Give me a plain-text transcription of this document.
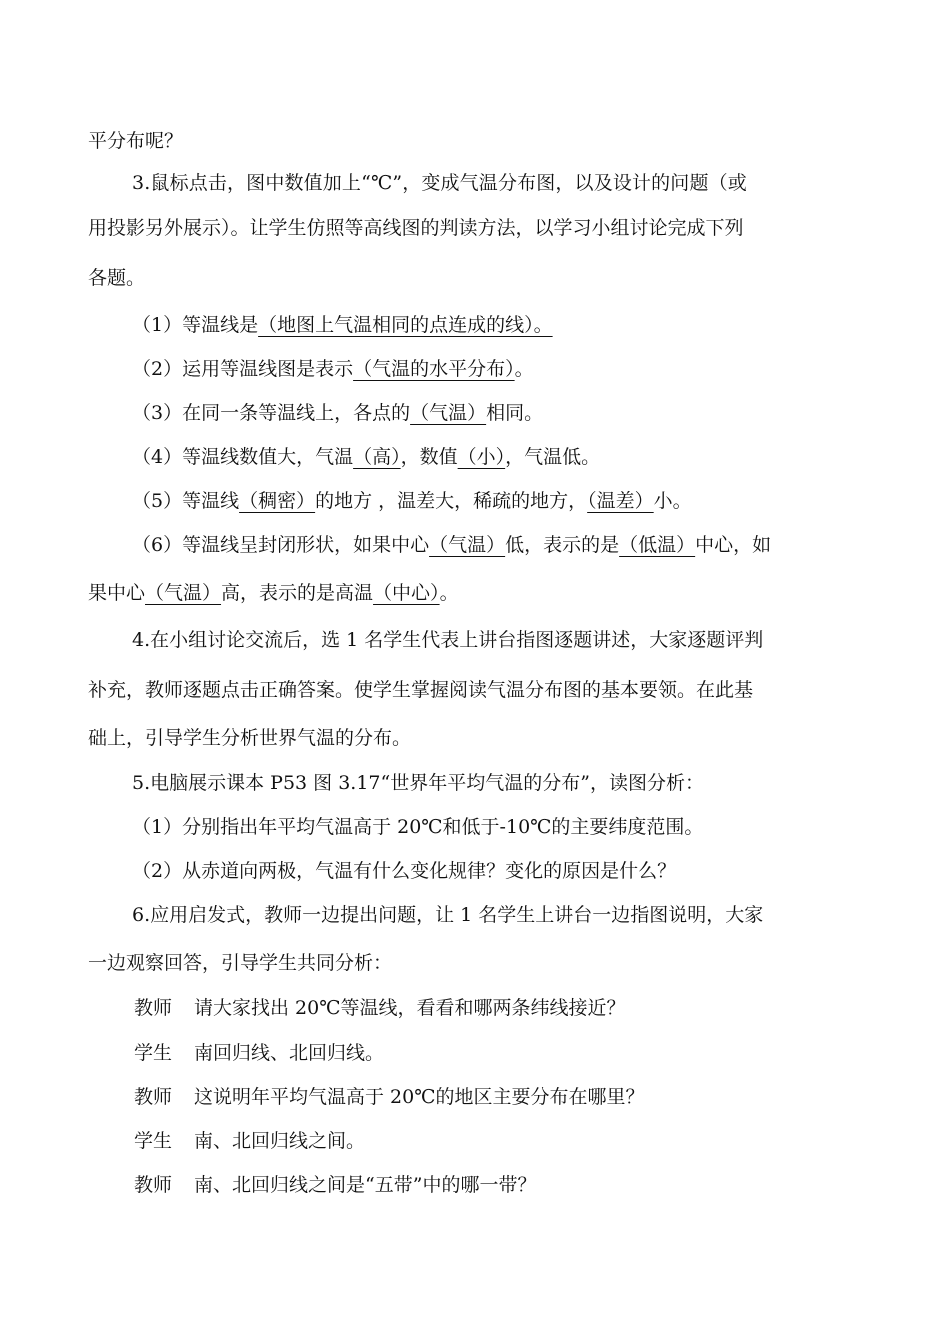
平分布呢？
3.鼠标点击，图中数值加上“℃”，变成气温分布图，以及设计的问题（或
用投影另外展示）。让学生仿照等高线图的判读方法，以学习小组讨论完成下列
各题。
（1）等温线是（地图上气温相同的点连成的线）。
（2）运用等温线图是表示（气温的水平分布）。
（3）在同一条等温线上，各点的（气温）相同。
（4）等温线数值大，气温（高），数值（小），气温低。
（5）等温线（稠密）的地方 ，温差大，稀疏的地方，（温差）小。
（6）等温线呈封闭形状，如果中心（气温）低，表示的是（低温）中心，如
果中心（气温）高，表示的是高温（中心）。
4.在小组讨论交流后，选 1 名学生代表上讲台指图逐题讲述，大家逐题评判
补充，教师逐题点击正确答案。使学生掌握阅读气温分布图的基本要领。在此基
础上，引导学生分析世界气温的分布。
5.电脑展示课本 P53 图 3.17“世界年平均气温的分布”，读图分析：
（1）分别指出年平均气温高于 20℃和低于-10℃的主要纬度范围。
（2）从赤道向两极，气温有什么变化规律？变化的原因是什么？
6.应用启发式，教师一边提出问题，让 1 名学生上讲台一边指图说明，大家
一边观察回答，引导学生共同分析：
教师 请大家找出 20℃等温线，看看和哪两条纬线接近？
学生 南回归线、北回归线。
教师 这说明年平均气温高于 20℃的地区主要分布在哪里？
学生 南、北回归线之间。
教师 南、北回归线之间是“五带”中的哪一带？
